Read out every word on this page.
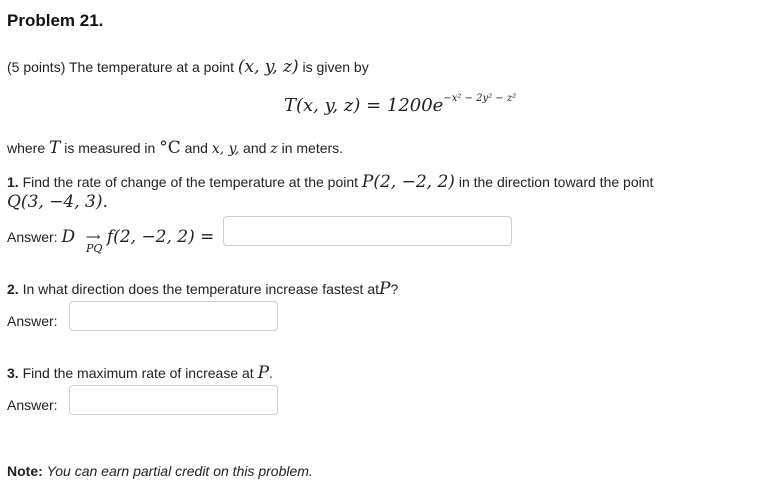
Problem 21.
(5 points) The temperature at a point (x, y, z) is given by
T(x, y, $z) = 1200e^{-x^2 - 2y^2 - z^2}$
where T is measured in °C and x, y, and z in meters.
1. Find the rate of change of the temperature at the point P(2, −2, 2) in the direction toward the point
Q(3, −4, 3).
Answer: D f(2, −2, 2) =
PQ
⟶
2. In what direction does the temperature increase fastest atP?
Answer:
3. Find the maximum rate of increase at P.
Answer:
Note: You can earn partial credit on this problem.
